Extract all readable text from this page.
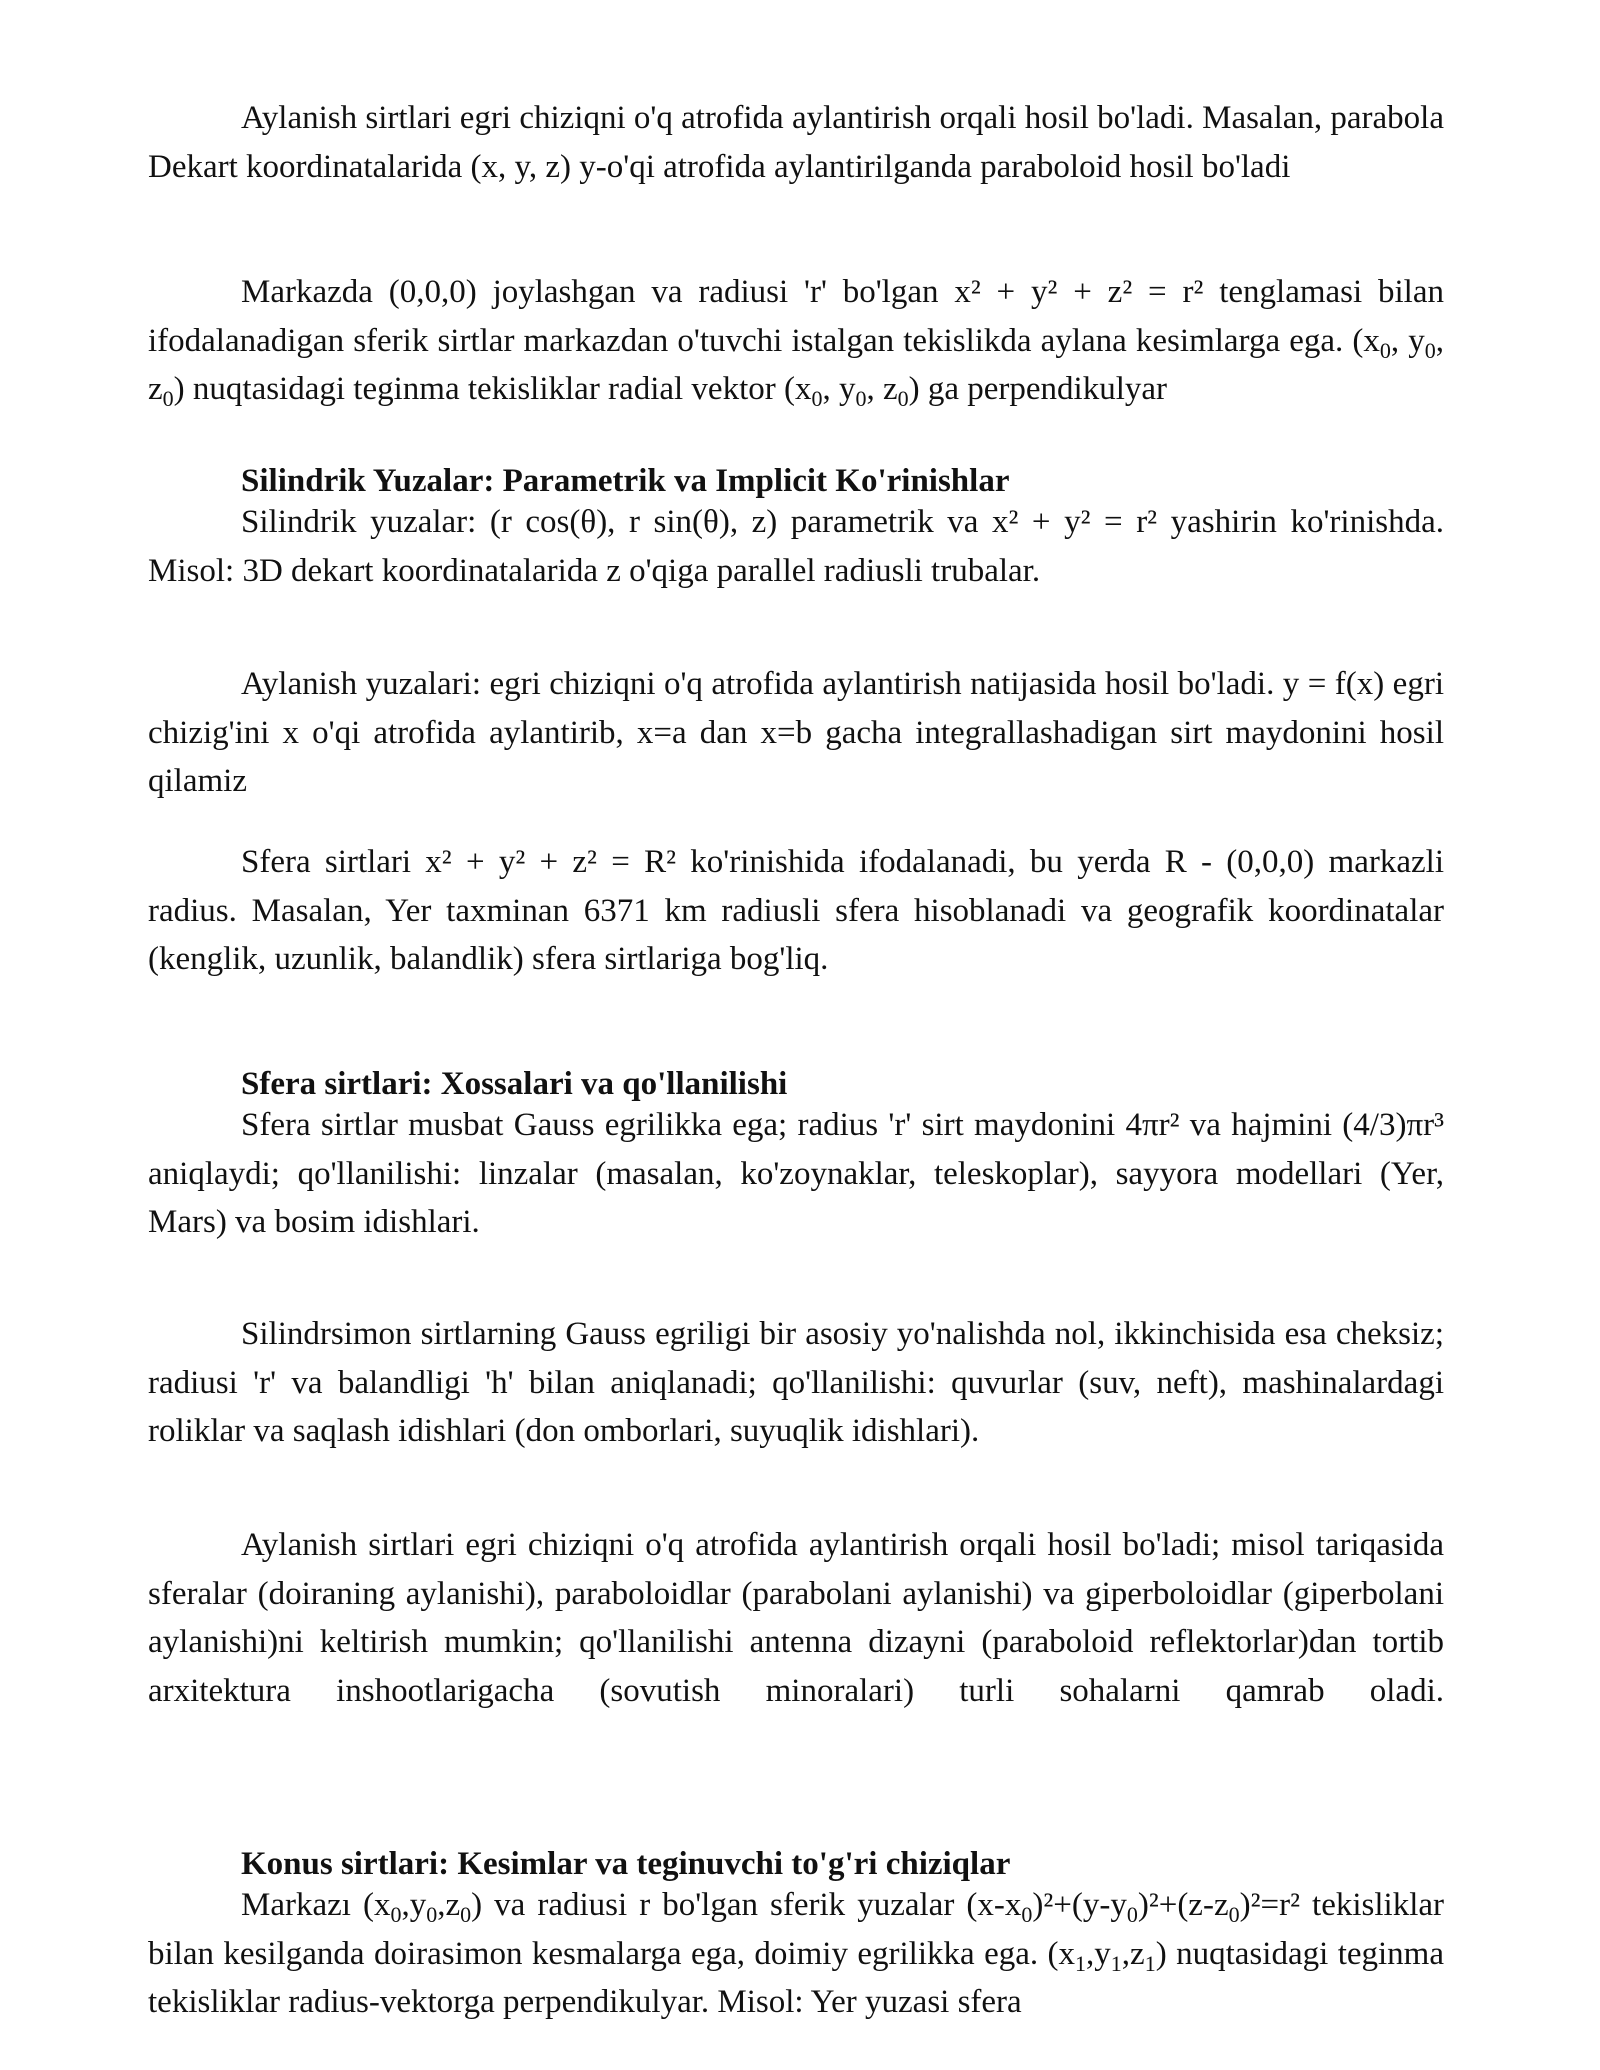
Aylanish sirtlari egri chiziqni o'q atrofida aylantirish orqali hosil bo'ladi. Masalan, parabola Dekart koordinatalarida (x, y, z) y-o'qi atrofida aylantirilganda paraboloid hosil bo'ladi

Markazda (0,0,0) joylashgan va radiusi 'r' bo'lgan x² + y² + z² = r² tenglamasi bilan ifodalanadigan sferik sirtlar markazdan o'tuvchi istalgan tekislikda aylana kesimlarga ega. ($x_0$, $y_0$, $z_0$) nuqtasidagi teginma tekisliklar radial vektor ($x_0$, $y_0$, $z_0$) ga perpendikulyar

Silindrik Yuzalar: Parametrik va Implicit Ko'rinishlar

Silindrik yuzalar: (r cos(θ), r sin(θ), z) parametrik va x² + y² = r² yashirin ko'rinishda. Misol: 3D dekart koordinatalarida z o'qiga parallel radiusli trubalar.

Aylanish yuzalari: egri chiziqni o'q atrofida aylantirish natijasida hosil bo'ladi. y = f(x) egri chizig'ini x o'qi atrofida aylantirib, x=a dan x=b gacha integrallashadigan sirt maydonini hosil qilamiz

Sfera sirtlari x² + y² + z² = R² ko'rinishida ifodalanadi, bu yerda R - (0,0,0) markazli radius. Masalan, Yer taxminan 6371 km radiusli sfera hisoblanadi va geografik koordinatalar (kenglik, uzunlik, balandlik) sfera sirtlariga bog'liq.

Sfera sirtlari: Xossalari va qo'llanilishi

Sfera sirtlar musbat Gauss egrilikka ega; radius 'r' sirt maydonini 4πr² va hajmini (4/3)πr³ aniqlaydi; qo'llanilishi: linzalar (masalan, ko'zoynaklar, teleskoplar), sayyora modellari (Yer, Mars) va bosim idishlari.

Silindrsimon sirtlarning Gauss egriligi bir asosiy yo'nalishda nol, ikkinchisida esa cheksiz; radiusi 'r' va balandligi 'h' bilan aniqlanadi; qo'llanilishi: quvurlar (suv, neft), mashinalardagi roliklar va saqlash idishlari (don omborlari, suyuqlik idishlari).

Aylanish sirtlari egri chiziqni o'q atrofida aylantirish orqali hosil bo'ladi; misol tariqasida sferalar (doiraning aylanishi), paraboloidlar (parabolani aylanishi) va giperboloidlar (giperbolani aylanishi)ni keltirish mumkin; qo'llanilishi antenna dizayni (paraboloid reflektorlar)dan tortib arxitektura inshootlarigacha (sovutish minoralari) turli sohalarni qamrab oladi.

Konus sirtlari: Kesimlar va teginuvchi to'g'ri chiziqlar

Markazı $(x_0,y_0,z_0)$ va radiusi r bo'lgan sferik yuzalar $(x-x_0)^2+(y-y_0)^2+(z-z_0)^2=r^2$ tekisliklar bilan kesilganda doirasimon kesmalarga ega, doimiy egrilikka ega. $(x_1,y_1,z_1)$ nuqtasidagi teginma tekisliklar radius-vektorga perpendikulyar. Misol: Yer yuzasi sfera
